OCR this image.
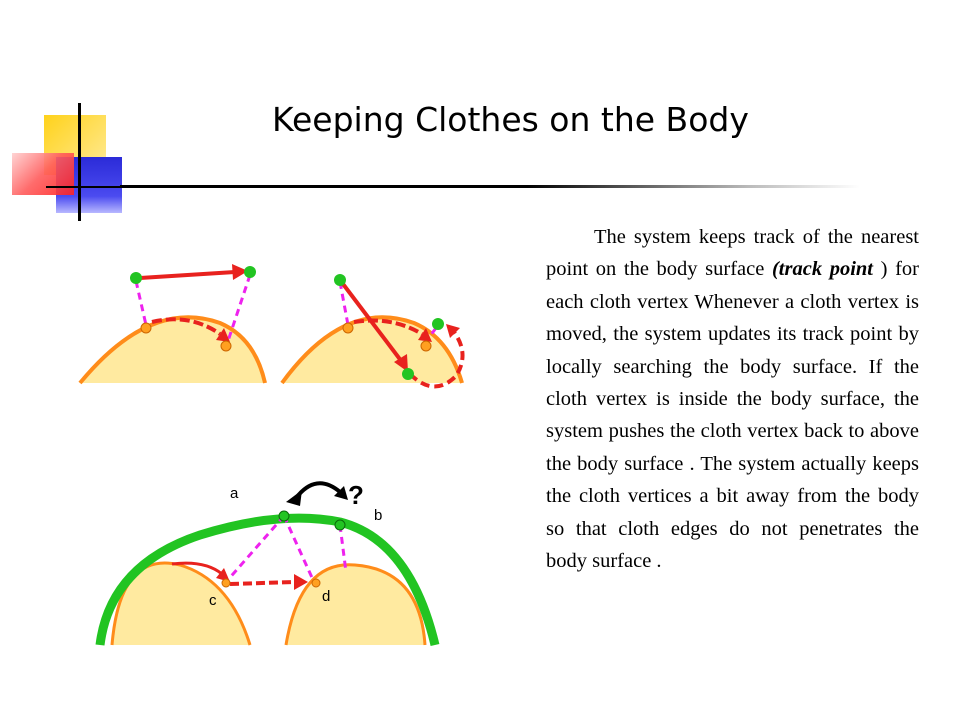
Keeping Clothes on the Body
The system keeps track of the nearest point on the body surface (track point ) for each cloth vertex Whenever a cloth vertex is moved, the system updates its track point by locally searching the body surface. If the cloth vertex is inside the body surface, the system pushes the cloth vertex back to above the body surface . The system actually keeps the cloth vertices a bit away from the body so that cloth edges do not penetrates the body surface .
a
b
c	d
?
